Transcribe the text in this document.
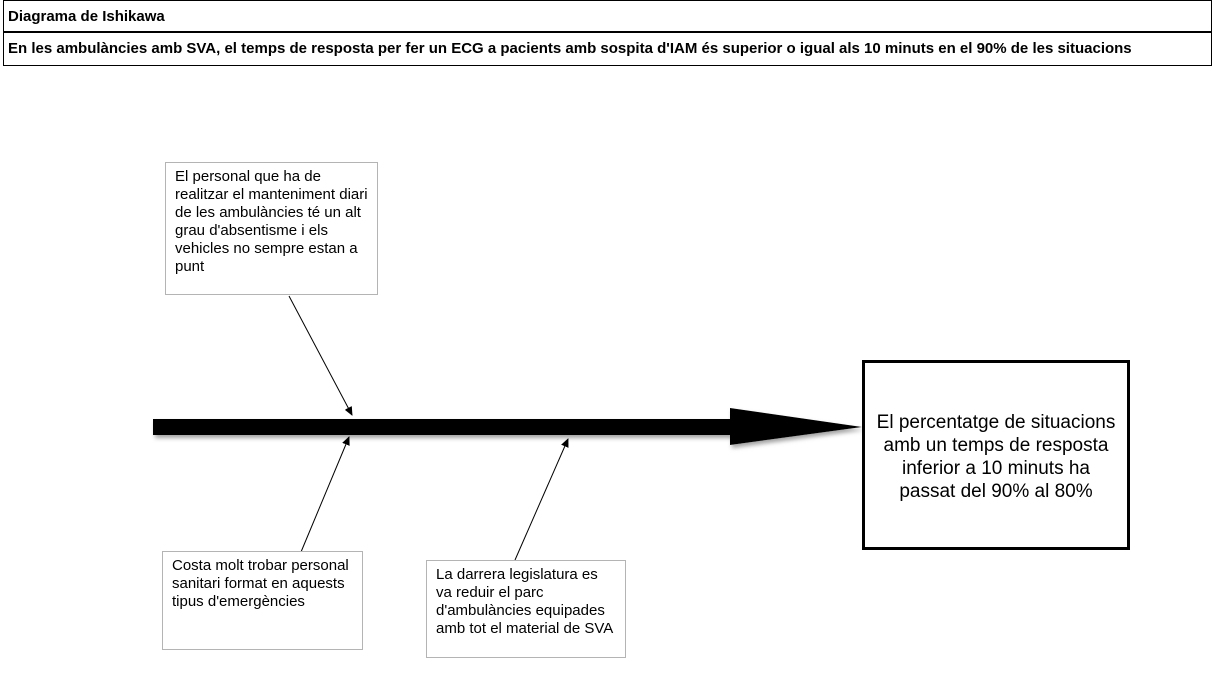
Diagrama de Ishikawa
En les ambulàncies amb SVA, el temps de resposta per fer un ECG a pacients amb sospita d'IAM és superior o igual als 10 minuts en el 90% de les situacions
El personal que ha de realitzar el manteniment diari de les ambulàncies té un alt grau d'absentisme i els vehicles no sempre estan a punt
Costa molt trobar personal sanitari format en aquests tipus d'emergències
La darrera legislatura es va reduir el parc d'ambulàncies equipades amb tot el material de SVA
El percentatge de situacions amb un temps de resposta inferior a 10 minuts ha passat del 90% al 80%
